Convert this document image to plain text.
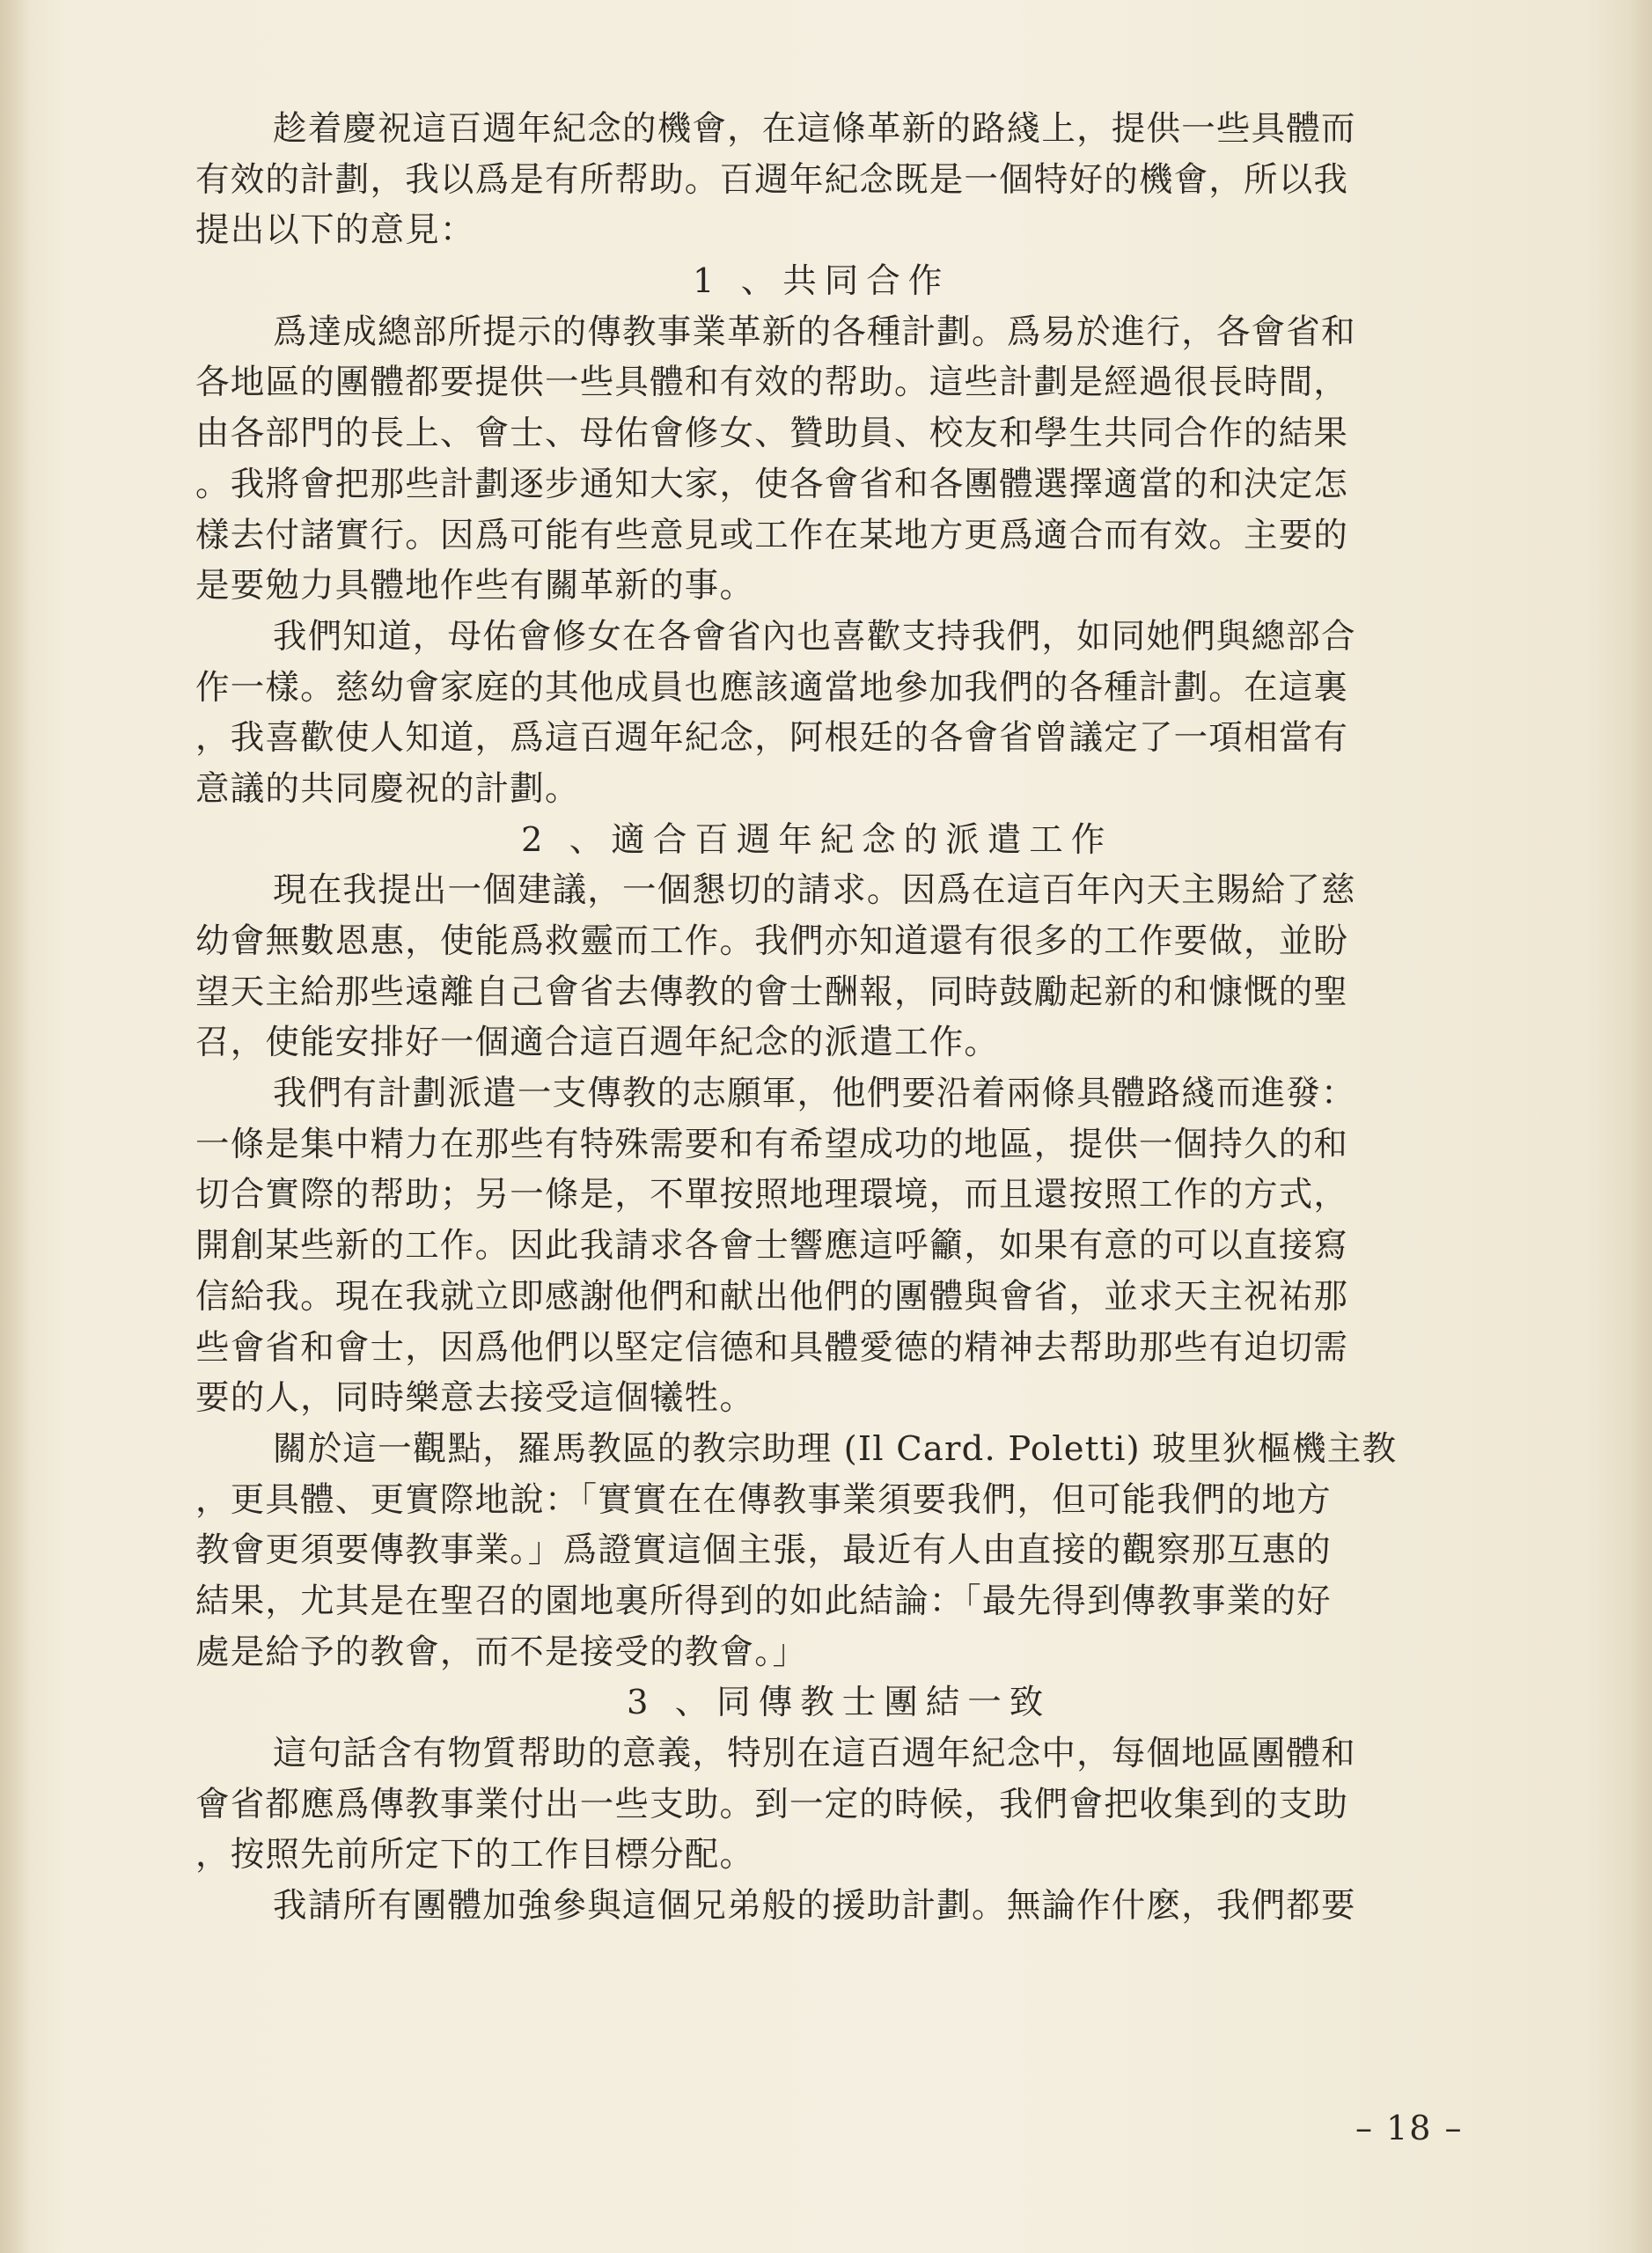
趁着慶祝這百週年紀念的機會，在這條革新的路綫上，提供一些具體而
有效的計劃，我以爲是有所帮助。百週年紀念既是一個特好的機會，所以我
提出以下的意見：
1 、共同合作
爲達成總部所提示的傳教事業革新的各種計劃。爲易於進行，各會省和
各地區的團體都要提供一些具體和有效的帮助。這些計劃是經過很長時間，
由各部門的長上、會士、母佑會修女、贊助員、校友和學生共同合作的結果
。我將會把那些計劃逐步通知大家，使各會省和各團體選擇適當的和決定怎
樣去付諸實行。因爲可能有些意見或工作在某地方更爲適合而有效。主要的
是要勉力具體地作些有關革新的事。
我們知道，母佑會修女在各會省內也喜歡支持我們，如同她們與總部合
作一樣。慈幼會家庭的其他成員也應該適當地參加我們的各種計劃。在這裏
，我喜歡使人知道，爲這百週年紀念，阿根廷的各會省曾議定了一項相當有
意議的共同慶祝的計劃。
2 、適合百週年紀念的派遣工作
現在我提出一個建議，一個懇切的請求。因爲在這百年內天主賜給了慈
幼會無數恩惠，使能爲救靈而工作。我們亦知道還有很多的工作要做，並盼
望天主給那些遠離自己會省去傳教的會士酬報，同時鼓勵起新的和慷慨的聖
召，使能安排好一個適合這百週年紀念的派遣工作。
我們有計劃派遣一支傳教的志願軍，他們要沿着兩條具體路綫而進發：
一條是集中精力在那些有特殊需要和有希望成功的地區，提供一個持久的和
切合實際的帮助；另一條是，不單按照地理環境，而且還按照工作的方式，
開創某些新的工作。因此我請求各會士響應這呼籲，如果有意的可以直接寫
信給我。現在我就立即感謝他們和献出他們的團體與會省，並求天主祝祐那
些會省和會士，因爲他們以堅定信德和具體愛德的精神去帮助那些有迫切需
要的人，同時樂意去接受這個犧牲。
關於這一觀點，羅馬教區的教宗助理 (Il Card. Poletti) 玻里狄樞機主教
，更具體、更實際地說：「實實在在傳教事業須要我們，但可能我們的地方
教會更須要傳教事業。」爲證實這個主張，最近有人由直接的觀察那互惠的
結果，尤其是在聖召的園地裏所得到的如此結論：「最先得到傳教事業的好
處是給予的教會，而不是接受的教會。」
3 、同傳教士團結一致
這句話含有物質帮助的意義，特別在這百週年紀念中，每個地區團體和
會省都應爲傳教事業付出一些支助。到一定的時候，我們會把收集到的支助
，按照先前所定下的工作目標分配。
我請所有團體加強參與這個兄弟般的援助計劃。無論作什麽，我們都要
– 18 –
